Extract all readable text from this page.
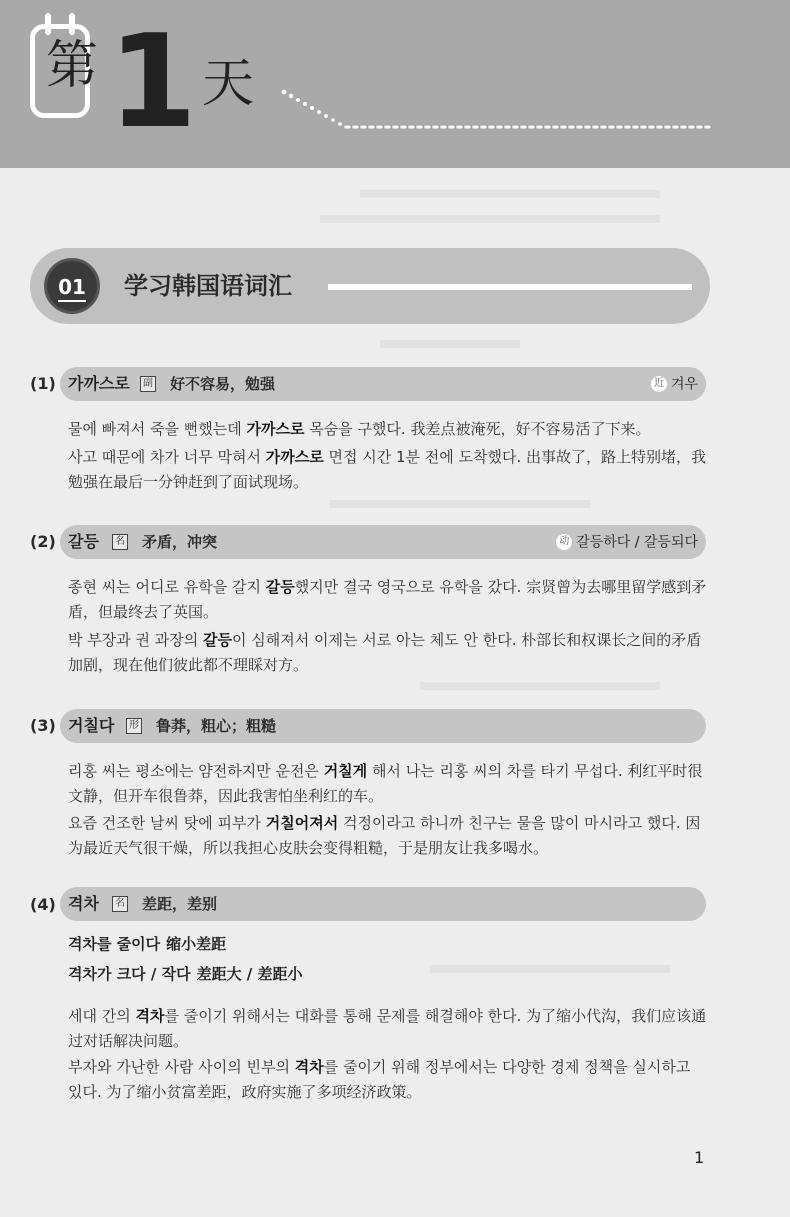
第 1 天
01	学习韩国语词汇
(1) 가까스로	副 好不容易，勉强	近 겨우

물에 빠져서 죽을 뻔했는데 가까스로 목숨을 구했다. 我差点被淹死，好不容易活了下来。

사고 때문에 차가 너무 막혀서 가까스로 면접 시간 1분 전에 도착했다. 出事故了，路上特别堵，我勉强在最后一分钟赶到了面试现场。

(2) 갈등	名 矛盾，冲突	动 갈등하다 / 갈등되다

종현 씨는 어디로 유학을 갈지 갈등했지만 결국 영국으로 유학을 갔다. 宗贤曾为去哪里留学感到矛盾，但最终去了英国。

박 부장과 권 과장의 갈등이 심해져서 이제는 서로 아는 체도 안 한다. 朴部长和权课长之间的矛盾加剧，现在他们彼此都不理睬对方。

(3) 거칠다	形 鲁莽，粗心；粗糙

리홍 씨는 평소에는 얌전하지만 운전은 거칠게 해서 나는 리홍 씨의 차를 타기 무섭다. 利红平时很文静，但开车很鲁莽，因此我害怕坐利红的车。

요즘 건조한 날씨 탓에 피부가 거칠어져서 걱정이라고 하니까 친구는 물을 많이 마시라고 했다. 因为最近天气很干燥，所以我担心皮肤会变得粗糙，于是朋友让我多喝水。

(4) 격차	名 差距，差别
격차를 줄이다 缩小差距
격차가 크다 / 작다 差距大 / 差距小

세대 간의 격차를 줄이기 위해서는 대화를 통해 문제를 해결해야 한다. 为了缩小代沟，我们应该通过对话解决问题。

부자와 가난한 사람 사이의 빈부의 격차를 줄이기 위해 정부에서는 다양한 경제 정책을 실시하고 있다. 为了缩小贫富差距，政府实施了多项经济政策。

1
